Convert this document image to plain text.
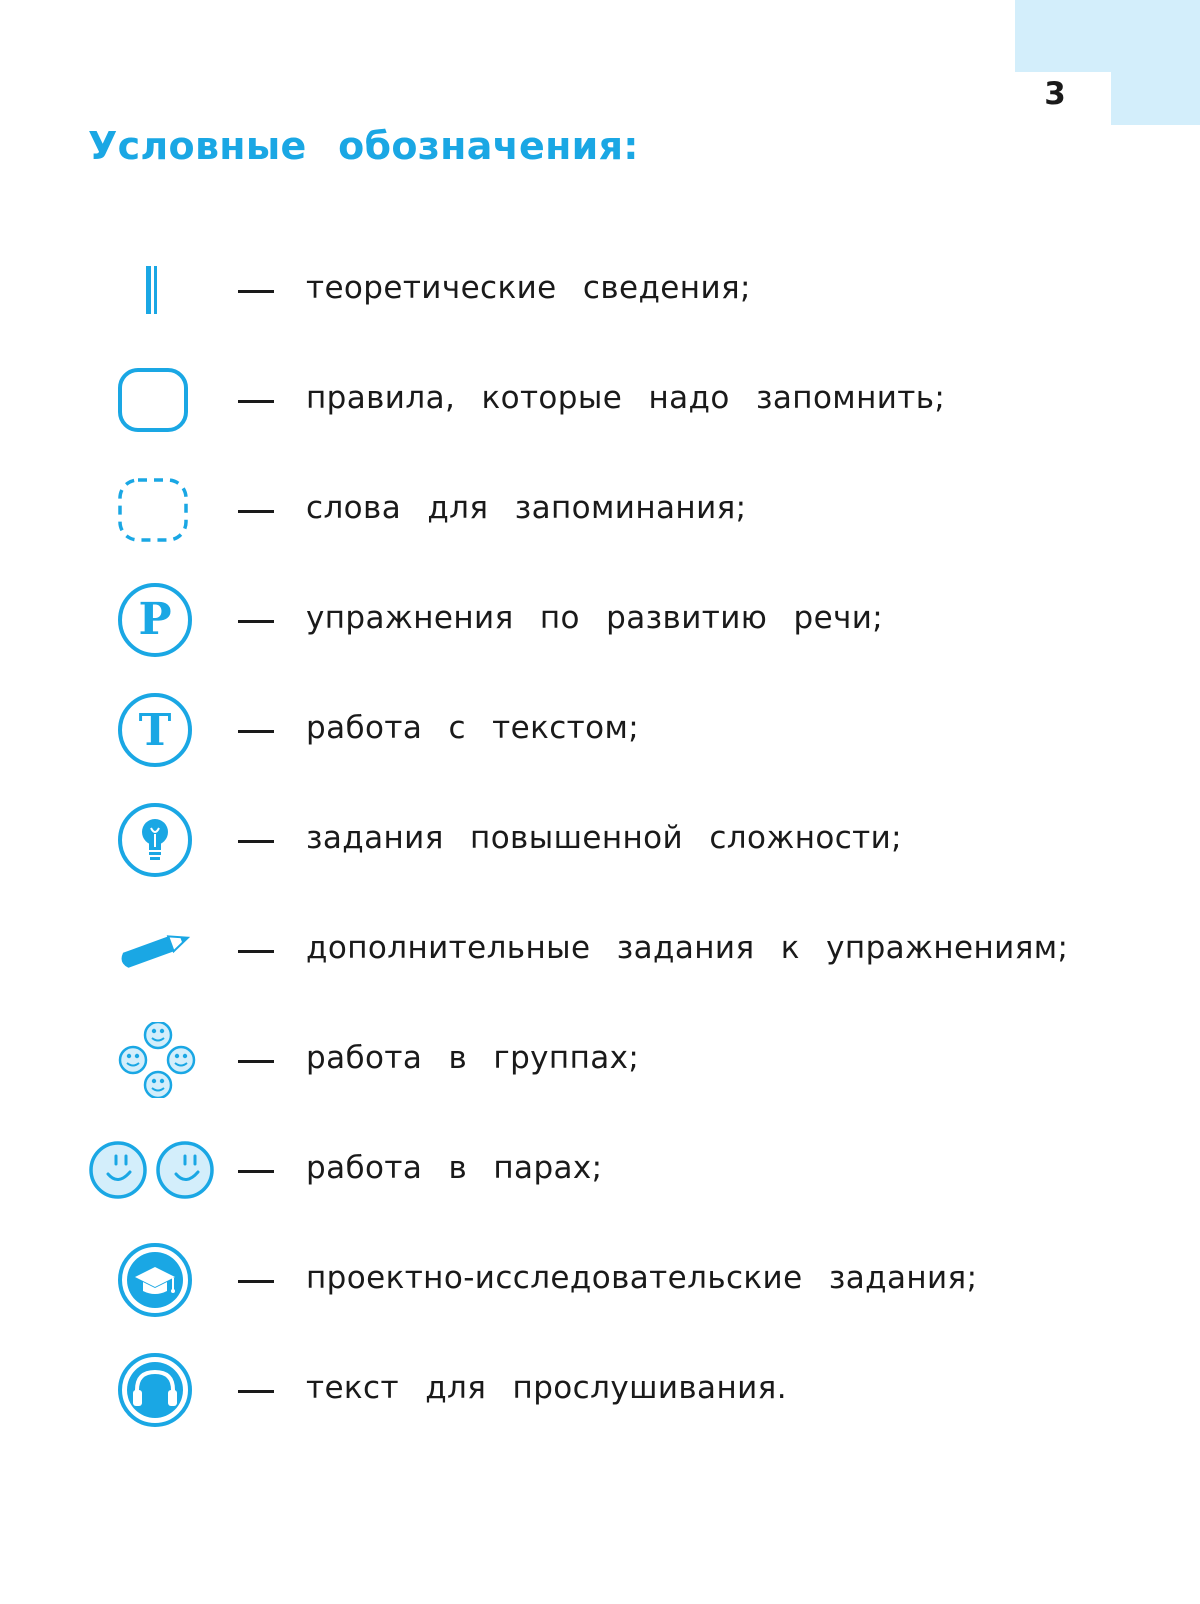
3
Условные обозначения:
теоретические сведения;
правила, которые надо запомнить;
слова для запоминания;
Р	упражнения по развитию речи;
Т	работа с текстом;
задания повышенной сложности;
дополнительные задания к упражнениям;
работа в группах;
работа в парах;
проектно-исследовательские задания;
текст для прослушивания.
